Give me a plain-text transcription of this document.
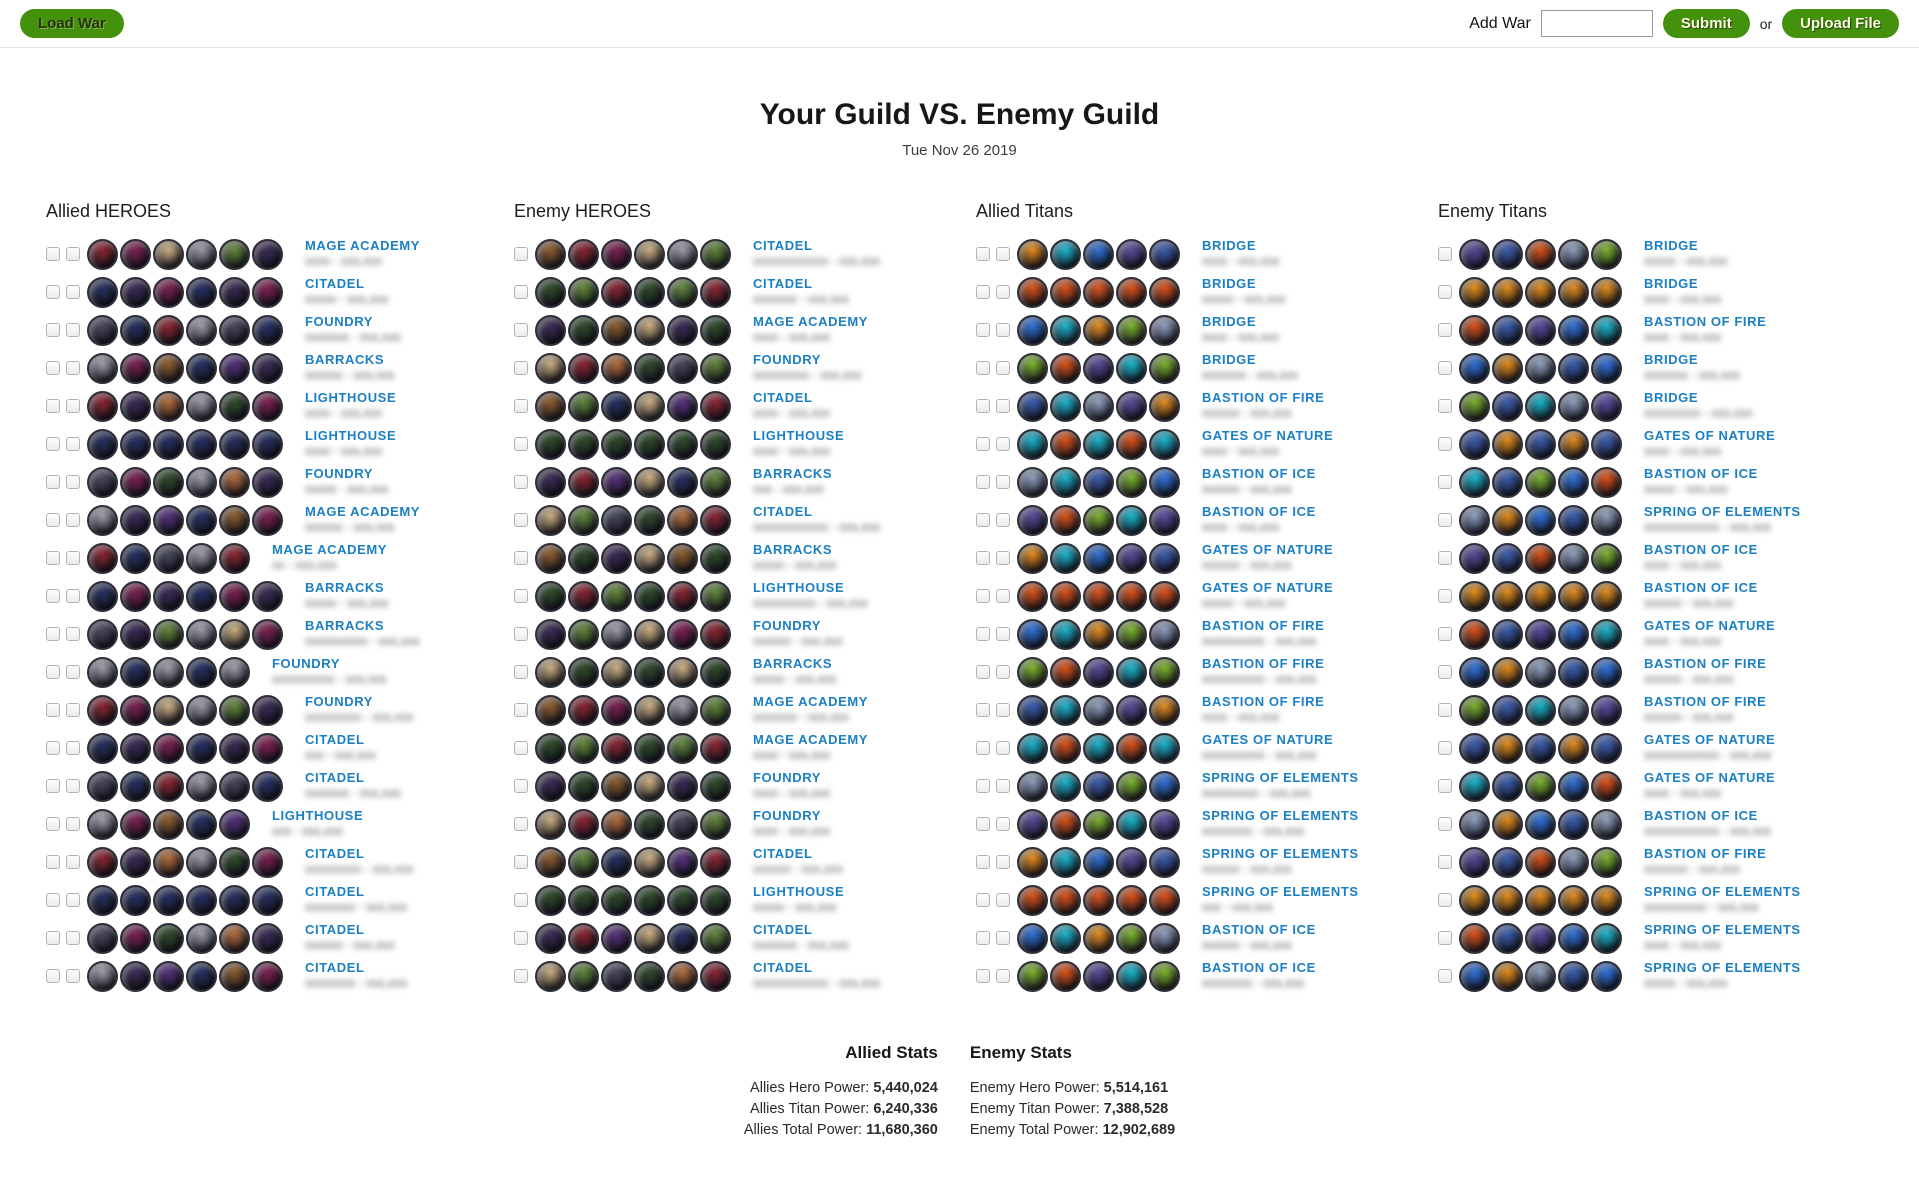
Load War	Add War	Submit	or	Upload File
Your Guild VS. Enemy Guild
Tue Nov 26 2019
Allied HEROES
MAGE ACADEMY
xxxx - xxx,xxx
CITADEL
xxxxx - xxx,xxx
FOUNDRY
xxxxxxx - xxx,xxx
BARRACKS
xxxxxx - xxx,xxx
LIGHTHOUSE
xxxx - xxx,xxx
LIGHTHOUSE
xxxx - xxx,xxx
FOUNDRY
xxxxx - xxx,xxx
MAGE ACADEMY
xxxxxx - xxx,xxx
MAGE ACADEMY
xx - xxx,xxx
BARRACKS
xxxxx - xxx,xxx
BARRACKS
xxxxxxxxxx - xxx,xxx
FOUNDRY
xxxxxxxxxx - xxx,xxx
FOUNDRY
xxxxxxxxx - xxx,xxx
CITADEL
xxx - xxx,xxx
CITADEL
xxxxxxx - xxx,xxx
LIGHTHOUSE
xxx - xxx,xxx
CITADEL
xxxxxxxxx - xxx,xxx
CITADEL
xxxxxxxx - xxx,xxx
CITADEL
xxxxxx - xxx,xxx
CITADEL
xxxxxxxx - xxx,xxx
Enemy HEROES
CITADEL
xxxxxxxxxxxx - xxx,xxx
CITADEL
xxxxxxx - xxx,xxx
MAGE ACADEMY
xxxx - xxx,xxx
FOUNDRY
xxxxxxxxx - xxx,xxx
CITADEL
xxxx - xxx,xxx
LIGHTHOUSE
xxxx - xxx,xxx
BARRACKS
xxx - xxx,xxx
CITADEL
xxxxxxxxxxxx - xxx,xxx
BARRACKS
xxxxx - xxx,xxx
LIGHTHOUSE
xxxxxxxxxx - xxx,xxx
FOUNDRY
xxxxxx - xxx,xxx
BARRACKS
xxxxx - xxx,xxx
MAGE ACADEMY
xxxxxxx - xxx,xxx
MAGE ACADEMY
xxxx - xxx,xxx
FOUNDRY
xxxx - xxx,xxx
FOUNDRY
xxxx - xxx,xxx
CITADEL
xxxxxx - xxx,xxx
LIGHTHOUSE
xxxxx - xxx,xxx
CITADEL
xxxxxxx - xxx,xxx
CITADEL
xxxxxxxxxxxx - xxx,xxx
Allied Titans
BRIDGE
xxxx - xxx,xxx
BRIDGE
xxxxx - xxx,xxx
BRIDGE
xxxx - xxx,xxx
BRIDGE
xxxxxxx - xxx,xxx
BASTION OF FIRE
xxxxxx - xxx,xxx
GATES OF NATURE
xxxx - xxx,xxx
BASTION OF ICE
xxxxxx - xxx,xxx
BASTION OF ICE
xxxx - xxx,xxx
GATES OF NATURE
xxxxxx - xxx,xxx
GATES OF NATURE
xxxxx - xxx,xxx
BASTION OF FIRE
xxxxxxxxxx - xxx,xxx
BASTION OF FIRE
xxxxxxxxxx - xxx,xxx
BASTION OF FIRE
xxxx - xxx,xxx
GATES OF NATURE
xxxxxxxxxx - xxx,xxx
SPRING OF ELEMENTS
xxxxxxxxx - xxx,xxx
SPRING OF ELEMENTS
xxxxxxxx - xxx,xxx
SPRING OF ELEMENTS
xxxxxx - xxx,xxx
SPRING OF ELEMENTS
xxx - xxx,xxx
BASTION OF ICE
xxxxxx - xxx,xxx
BASTION OF ICE
xxxxxxxx - xxx,xxx
Enemy Titans
BRIDGE
xxxxx - xxx,xxx
BRIDGE
xxxx - xxx,xxx
BASTION OF FIRE
xxxx - xxx,xxx
BRIDGE
xxxxxxx - xxx,xxx
BRIDGE
xxxxxxxxx - xxx,xxx
GATES OF NATURE
xxxx - xxx,xxx
BASTION OF ICE
xxxxx - xxx,xxx
SPRING OF ELEMENTS
xxxxxxxxxxxx - xxx,xxx
BASTION OF ICE
xxxx - xxx,xxx
BASTION OF ICE
xxxxxx - xxx,xxx
GATES OF NATURE
xxxx - xxx,xxx
BASTION OF FIRE
xxxxxx - xxx,xxx
BASTION OF FIRE
xxxxxx - xxx,xxx
GATES OF NATURE
xxxxxxxxxxxx - xxx,xxx
GATES OF NATURE
xxxx - xxx,xxx
BASTION OF ICE
xxxxxxxxxxxx - xxx,xxx
BASTION OF FIRE
xxxxxxx - xxx,xxx
SPRING OF ELEMENTS
xxxxxxxxxx - xxx,xxx
SPRING OF ELEMENTS
xxxx - xxx,xxx
SPRING OF ELEMENTS
xxxxx - xxx,xxx
Allied Stats
Allies Hero Power: 5,440,024
Allies Titan Power: 6,240,336
Allies Total Power: 11,680,360
Enemy Stats
Enemy Hero Power: 5,514,161
Enemy Titan Power: 7,388,528
Enemy Total Power: 12,902,689
